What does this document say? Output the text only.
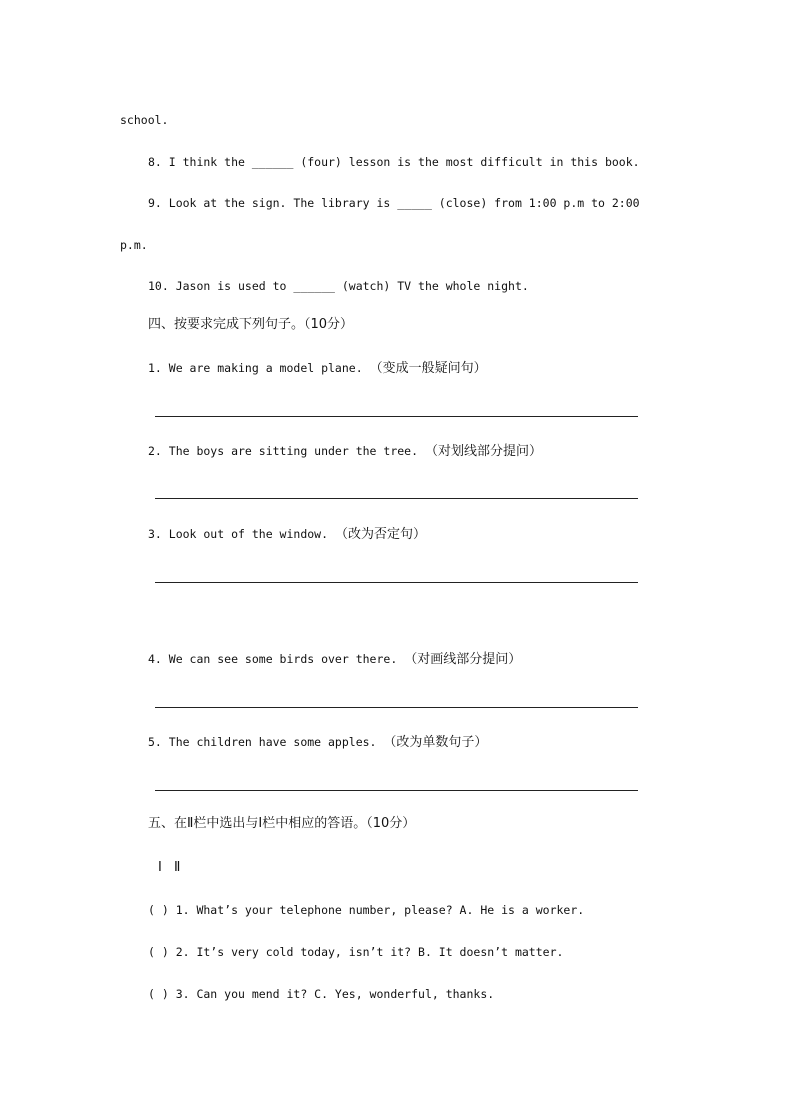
school.
8. I think the ______ (four) lesson is the most difficult in this book.
9. Look at the sign. The library is _____ (close) from 1:00 p.m to 2:00
p.m.
10. Jason is used to ______ (watch) TV the whole night.
四、按要求完成下列句子。（10分）
1. We are making a model plane. （变成一般疑问句）
2. The boys are sitting under the tree. （对划线部分提问）
3. Look out of the window. （改为否定句）
4. We can see some birds over there. （对画线部分提问）
5. The children have some apples. （改为单数句子）
五、在Ⅱ栏中选出与Ⅰ栏中相应的答语。（10分）
Ⅰ Ⅱ
( ) 1. What’s your telephone number, please? A. He is a worker.
( ) 2. It’s very cold today, isn’t it? B. It doesn’t matter.
( ) 3. Can you mend it? C. Yes, wonderful, thanks.
